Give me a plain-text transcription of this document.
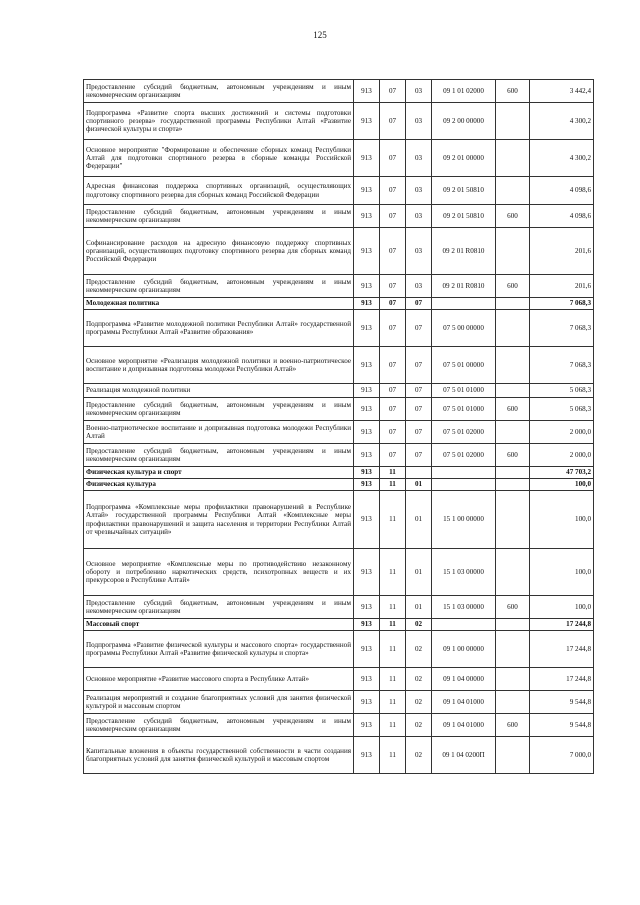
125
Предоставление субсидий бюджетным, автономным учреждениям и иным некоммерческим организациям	913	07	03	09 1 01 02000	600	3 442,4
Подпрограмма «Развитие спорта высших достижений и системы подготовки спортивного резерва» государственной программы Республики Алтай «Развитие физической культуры и спорта»	913	07	03	09 2 00 00000		4 300,2
Основное мероприятие "Формирование и обеспечение сборных команд Республики Алтай для подготовки спортивного резерва в сборные команды Российской Федерации"	913	07	03	09 2 01 00000		4 300,2
Адресная финансовая поддержка спортивных организаций, осуществляющих подготовку спортивного резерва для сборных команд Российской Федерации	913	07	03	09 2 01 50810		4 098,6
Предоставление субсидий бюджетным, автономным учреждениям и иным некоммерческим организациям	913	07	03	09 2 01 50810	600	4 098,6
Софинансирование расходов на адресную финансовую поддержку спортивных организаций, осуществляющих подготовку спортивного резерва для сборных команд Российской Федерации	913	07	03	09 2 01 R0810		201,6
Предоставление субсидий бюджетным, автономным учреждениям и иным некоммерческим организациям	913	07	03	09 2 01 R0810	600	201,6
Молодежная политика	913	07	07			7 068,3
Подпрограмма «Развитие молодежной политики Республики Алтай» государственной программы Республики Алтай «Развитие образования»	913	07	07	07 5 00 00000		7 068,3
Основное мероприятие «Реализация молодежной политики и военно-патриотическое воспитание и допризывная подготовка молодежи Республики Алтай»	913	07	07	07 5 01 00000		7 068,3
Реализация молодежной политики	913	07	07	07 5 01 01000		5 068,3
Предоставление субсидий бюджетным, автономным учреждениям и иным некоммерческим организациям	913	07	07	07 5 01 01000	600	5 068,3
Военно-патриотическое воспитание и допризывная подготовка молодежи Республики Алтай	913	07	07	07 5 01 02000		2 000,0
Предоставление субсидий бюджетным, автономным учреждениям и иным некоммерческим организациям	913	07	07	07 5 01 02000	600	2 000,0
Физическая культура и спорт	913	11				47 703,2
Физическая культура	913	11	01			100,0
Подпрограмма «Комплексные меры профилактики правонарушений в Республике Алтай» государственной программы Республики Алтай «Комплексные меры профилактики правонарушений и защита населения и территории Республики Алтай от чрезвычайных ситуаций»	913	11	01	15 1 00 00000		100,0
Основное мероприятие «Комплексные меры по противодействию незаконному обороту и потреблению наркотических средств, психотропных веществ и их прекурсоров в Республике Алтай»	913	11	01	15 1 03 00000		100,0
Предоставление субсидий бюджетным, автономным учреждениям и иным некоммерческим организациям	913	11	01	15 1 03 00000	600	100,0
Массовый спорт	913	11	02			17 244,8
Подпрограмма «Развитие физической культуры и массового спорта» государственной программы Республики Алтай «Развитие физической культуры и спорта»	913	11	02	09 1 00 00000		17 244,8
Основное мероприятие «Развитие массового спорта в Республике Алтай»	913	11	02	09 1 04 00000		17 244,8
Реализация мероприятий и создание благоприятных условий для занятия физической культурой и массовым спортом	913	11	02	09 1 04 01000		9 544,8
Предоставление субсидий бюджетным, автономным учреждениям и иным некоммерческим организациям	913	11	02	09 1 04 01000	600	9 544,8
Капитальные вложения в объекты государственной собственности в части создания благоприятных условий для занятия физической культурой и массовым спортом	913	11	02	09 1 04 0200П		7 000,0
